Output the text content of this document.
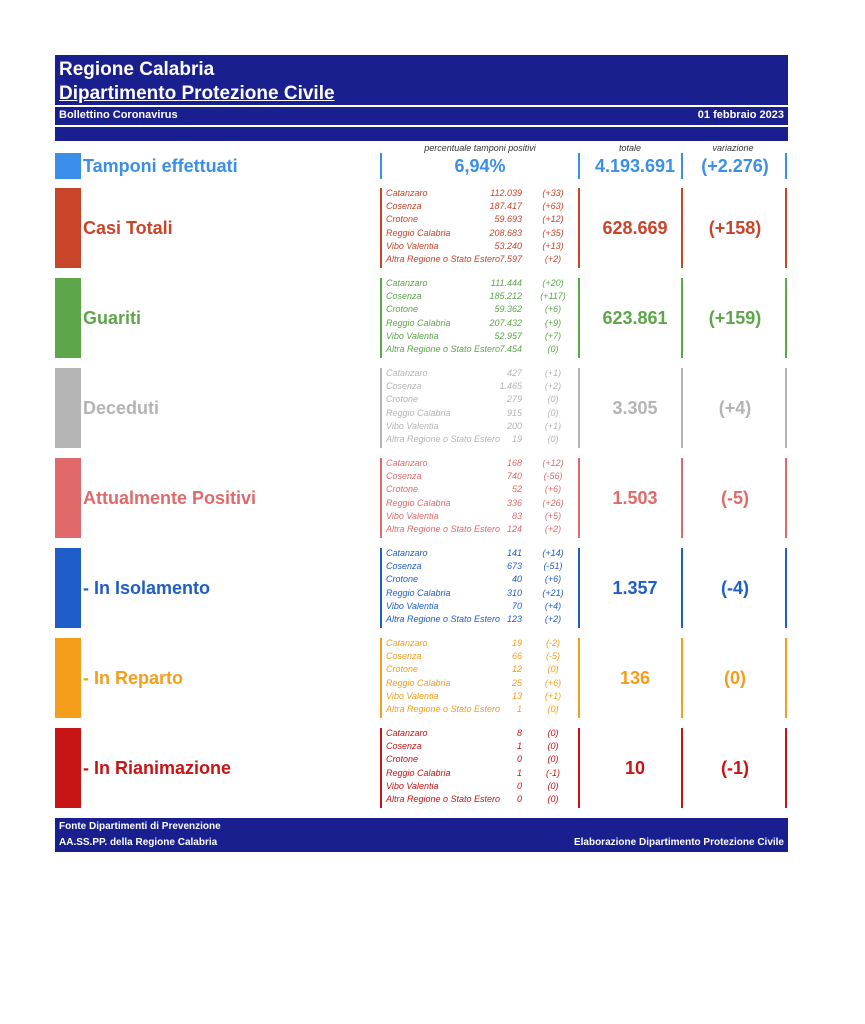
Regione Calabria
Dipartimento Protezione Civile
Bollettino Coronavirus	01 febbraio 2023
percentuale tamponi positivi	totale	variazione
Tamponi effettuati	6,94%	4.193.691	(+2.276)
Casi Totali
Catanzaro	112.039	(+33)
Cosenza	187.417	(+63)
Crotone	59.693	(+12)
Reggio Calabria	208.683	(+35)
Vibo Valentia	53.240	(+13)
Altra Regione o Stato Estero 7.597	(+2)
628.669	(+158)
Guariti
Catanzaro	111.444	(+20)
Cosenza	185.212	(+117)
Crotone	59.362	(+6)
Reggio Calabria	207.432	(+9)
Vibo Valentia	52.957	(+7)
Altra Regione o Stato Estero 7.454	(0)
623.861	(+159)
Deceduti
Catanzaro	427	(+1)
Cosenza	1.465	(+2)
Crotone	279	(0)
Reggio Calabria	915	(0)
Vibo Valentia	200	(+1)
Altra Regione o Stato Estero	19	(0)
3.305	(+4)
Attualmente Positivi
Catanzaro	168	(+12)
Cosenza	740	(-56)
Crotone	52	(+6)
Reggio Calabria	336	(+26)
Vibo Valentia	83	(+5)
Altra Regione o Stato Estero 124	(+2)
1.503	(-5)
- In Isolamento
Catanzaro	141	(+14)
Cosenza	673	(-51)
Crotone	40	(+6)
Reggio Calabria	310	(+21)
Vibo Valentia	70	(+4)
Altra Regione o Stato Estero 123	(+2)
1.357	(-4)
- In Reparto
Catanzaro	19	(-2)
Cosenza	66	(-5)
Crotone	12	(0)
Reggio Calabria	25	(+6)
Vibo Valentia	13	(+1)
Altra Regione o Stato Estero	1	(0)
136	(0)
- In Rianimazione
Catanzaro	8	(0)
Cosenza	1	(0)
Crotone	0	(0)
Reggio Calabria	1	(-1)
Vibo Valentia	0	(0)
Altra Regione o Stato Estero	0	(0)
10	(-1)
Fonte Dipartimenti di Prevenzione
AA.SS.PP. della Regione Calabria	Elaborazione Dipartimento Protezione Civile
